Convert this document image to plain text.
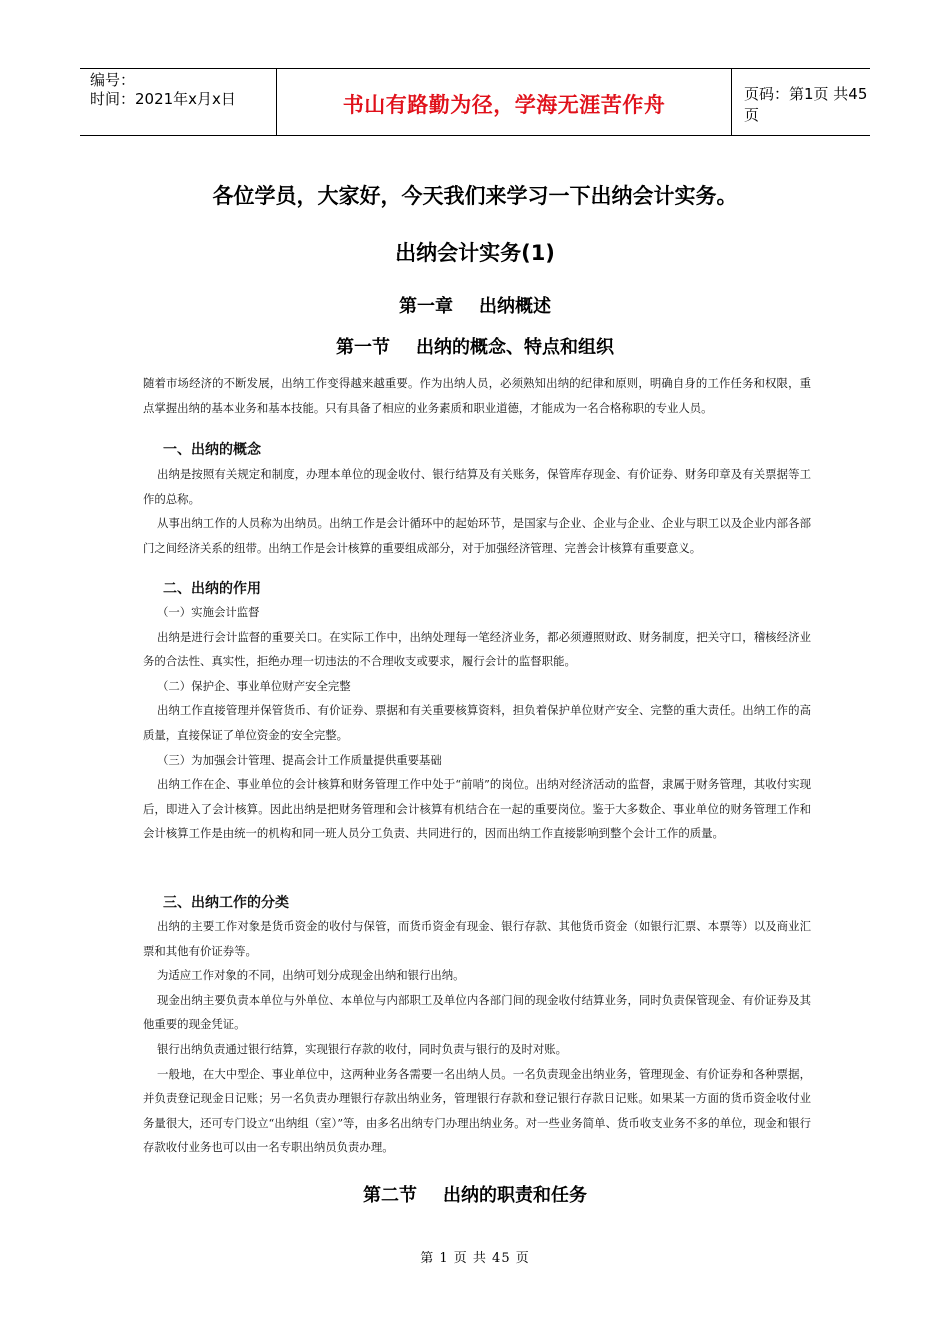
编号：
时间：2021年x月x日	书山有路勤为径，学海无涯苦作舟	页码：第1页 共45页
各位学员，大家好，今天我们来学习一下出纳会计实务。
出纳会计实务(1)
第一章 出纳概述
第一节 出纳的概念、特点和组织

随着市场经济的不断发展，出纳工作变得越来越重要。作为出纳人员，必须熟知出纳的纪律和原则，明确自身的工作任务和权限，重点掌握出纳的基本业务和基本技能。只有具备了相应的业务素质和职业道德，才能成为一名合格称职的专业人员。

一、出纳的概念

出纳是按照有关规定和制度，办理本单位的现金收付、银行结算及有关账务，保管库存现金、有价证券、财务印章及有关票据等工作的总称。

从事出纳工作的人员称为出纳员。出纳工作是会计循环中的起始环节，是国家与企业、企业与企业、企业与职工以及企业内部各部门之间经济关系的纽带。出纳工作是会计核算的重要组成部分，对于加强经济管理、完善会计核算有重要意义。

二、出纳的作用

（一）实施会计监督

出纳是进行会计监督的重要关口。在实际工作中，出纳处理每一笔经济业务，都必须遵照财政、财务制度，把关守口，稽核经济业务的合法性、真实性，拒绝办理一切违法的不合理收支或要求，履行会计的监督职能。

（二）保护企、事业单位财产安全完整

出纳工作直接管理并保管货币、有价证券、票据和有关重要核算资料，担负着保护单位财产安全、完整的重大责任。出纳工作的高质量，直接保证了单位资金的安全完整。

（三）为加强会计管理、提高会计工作质量提供重要基础

出纳工作在企、事业单位的会计核算和财务管理工作中处于“前哨”的岗位。出纳对经济活动的监督，隶属于财务管理，其收付实现后，即进入了会计核算。因此出纳是把财务管理和会计核算有机结合在一起的重要岗位。鉴于大多数企、事业单位的财务管理工作和会计核算工作是由统一的机构和同一班人员分工负责、共同进行的，因而出纳工作直接影响到整个会计工作的质量。

三、出纳工作的分类

出纳的主要工作对象是货币资金的收付与保管，而货币资金有现金、银行存款、其他货币资金（如银行汇票、本票等）以及商业汇票和其他有价证券等。

为适应工作对象的不同，出纳可划分成现金出纳和银行出纳。

现金出纳主要负责本单位与外单位、本单位与内部职工及单位内各部门间的现金收付结算业务，同时负责保管现金、有价证券及其他重要的现金凭证。

银行出纳负责通过银行结算，实现银行存款的收付，同时负责与银行的及时对账。

一般地，在大中型企、事业单位中，这两种业务各需要一名出纳人员。一名负责现金出纳业务，管理现金、有价证券和各种票据，并负责登记现金日记账；另一名负责办理银行存款出纳业务，管理银行存款和登记银行存款日记账。如果某一方面的货币资金收付业务量很大，还可专门设立“出纳组（室）”等，由多名出纳专门办理出纳业务。对一些业务简单、货币收支业务不多的单位，现金和银行存款收付业务也可以由一名专职出纳员负责办理。

第二节 出纳的职责和任务
第 1 页 共 45 页
